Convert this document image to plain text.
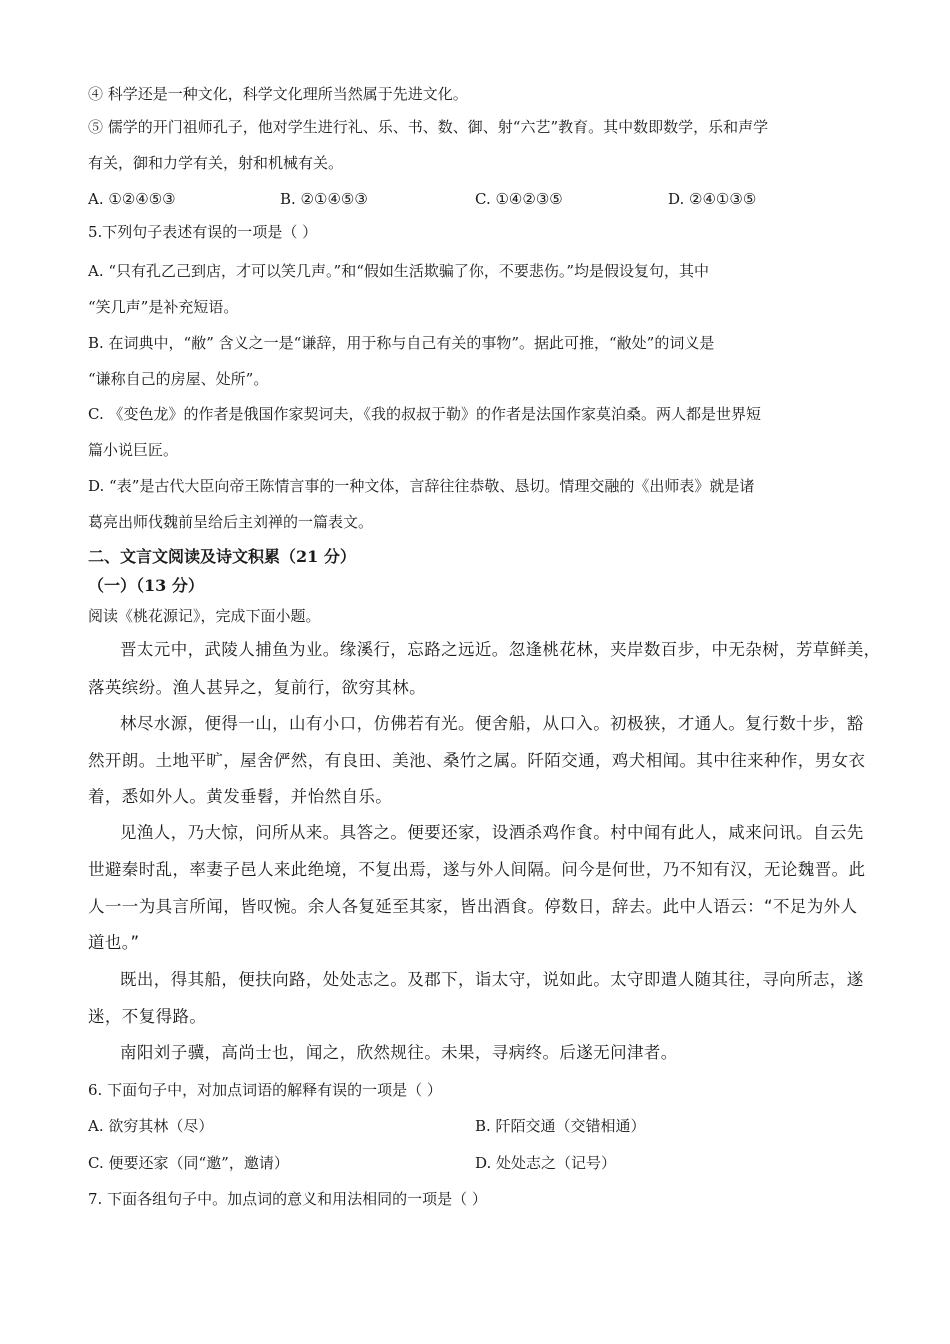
④ 科学还是一种文化，科学文化理所当然属于先进文化。
⑤ 儒学的开门祖师孔子，他对学生进行礼、乐、书、数、御、射“六艺”教育。其中数即数学，乐和声学
有关，御和力学有关，射和机械有关。
A. ①②④⑤③	B. ②①④⑤③	C. ①④②③⑤	D. ②④①③⑤
5.下列句子表述有误的一项是（ ）
A. “只有孔乙己到店，才可以笑几声。”和“假如生活欺骗了你，不要悲伤。”均是假设复句，其中
“笑几声”是补充短语。
B. 在词典中，“敝” 含义之一是“谦辞，用于称与自己有关的事物”。据此可推，“敝处”的词义是
“谦称自己的房屋、处所”。
C. 《变色龙》的作者是俄国作家契诃夫，《我的叔叔于勒》的作者是法国作家莫泊桑。两人都是世界短
篇小说巨匠。
D. “表”是古代大臣向帝王陈情言事的一种文体，言辞往往恭敬、恳切。情理交融的《出师表》就是诸
葛亮出师伐魏前呈给后主刘禅的一篇表文。
二、文言文阅读及诗文积累（21 分）
（一）（13 分）
阅读《桃花源记》，完成下面小题。
晋太元中，武陵人捕鱼为业。缘溪行，忘路之远近。忽逢桃花林，夹岸数百步，中无杂树，芳草鲜美，
落英缤纷。渔人甚异之，复前行，欲穷其林。
林尽水源，便得一山，山有小口，仿佛若有光。便舍船，从口入。初极狭，才通人。复行数十步，豁
然开朗。土地平旷，屋舍俨然，有良田、美池、桑竹之属。阡陌交通，鸡犬相闻。其中往来种作，男女衣
着，悉如外人。黄发垂髫，并怡然自乐。
见渔人，乃大惊，问所从来。具答之。便要还家，设酒杀鸡作食。村中闻有此人，咸来问讯。自云先
世避秦时乱，率妻子邑人来此绝境，不复出焉，遂与外人间隔。问今是何世，乃不知有汉，无论魏晋。此
人一一为具言所闻，皆叹惋。余人各复延至其家，皆出酒食。停数日，辞去。此中人语云：“不足为外人
道也。”
既出，得其船，便扶向路，处处志之。及郡下，诣太守，说如此。太守即遣人随其往，寻向所志，遂
迷，不复得路。
南阳刘子骥，高尚士也，闻之，欣然规往。未果，寻病终。后遂无问津者。
6. 下面句子中，对加点词语的解释有误的一项是（ ）
A. 欲穷其林（尽）	B. 阡陌交通（交错相通）
C. 便要还家（同“邀”，邀请）	D. 处处志之（记号）
7. 下面各组句子中。加点词的意义和用法相同的一项是（ ）
